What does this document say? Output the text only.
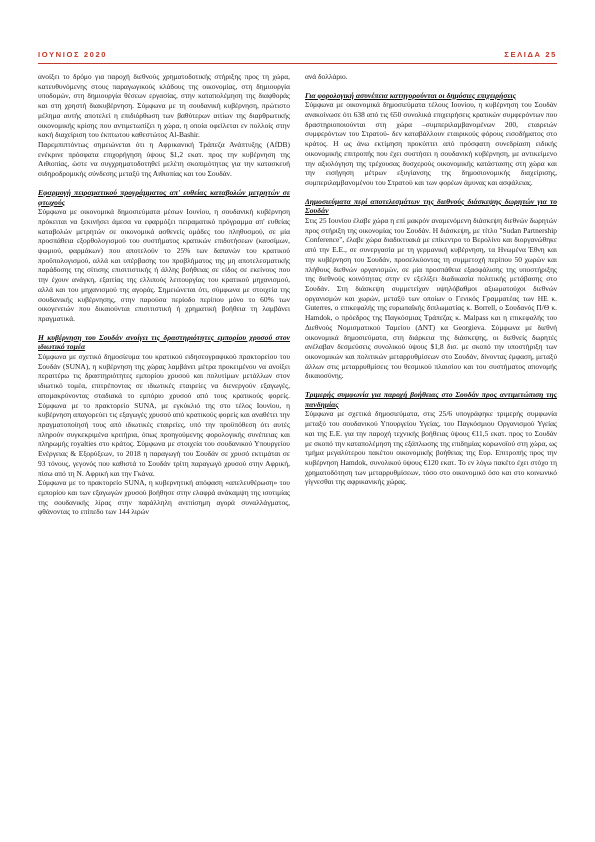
ΙΟΥΝΙΟΣ 2020	ΣΕΛΙΔΑ 25

ανοίξει το δρόμο για παροχή διεθνούς χρηματοδοτικής στήριξης προς τη χώρα, κατευθυνόμενης στους παραγωγικούς κλάδους της οικονομίας, στη δημιουργία υποδομών, στη δημιουργία θέσεων εργασίας, στην καταπολέμηση της διαφθοράς και στη χρηστή διακυβέρνηση. Σύμφωνα με τη σουδανική κυβέρνηση, πρώτιστο μέλημα αυτής αποτελεί η επιδιόρθωση των βαθύτερων αιτίων της διαρθρωτικής οικονομικής κρίσης που αντιμετωπίζει η χώρα, η οποία οφείλεται εν πολλοίς στην κακή διαχείριση του έκπτωτου καθεστώτος Al-Bashir.

Παρεμπιπτόντως σημειώνεται ότι η Αφρικανική Τράπεζα Ανάπτυξης (AfDB) ενέκρινε πρόσφατα επιχορήγηση ύψους $1,2 εκατ. προς την κυβέρνηση της Αιθιοπίας, ώστε να συγχρηματοδοτηθεί μελέτη σκοπιμότητας για την κατασκευή σιδηροδρομικής σύνδεσης μεταξύ της Αιθιοπίας και του Σουδάν.

Εφαρμογή πειραματικού προγράμματος απ' ευθείας καταβολών μετρητών σε φτωχούς

Σύμφωνα με οικονομικά δημοσιεύματα μέσων Ιουνίου, η σουδανική κυβέρνηση πρόκειται να ξεκινήσει άμεσα να εφαρμόζει πειραματικό πρόγραμμα απ' ευθείας καταβολών μετρητών σε οικονομικά ασθενείς ομάδες του πληθυσμού, σε μία προσπάθεια εξορθολογισμού του συστήματος κρατικών επιδοτήσεων (καυσίμων, ψωμιού, φαρμάκων) που αποτελούν το 25% των δαπανών του κρατικού προϋπολογισμού, αλλά και υπέρβασης του προβλήματος της μη αποτελεσματικής παράδοσης της σίτισης επισιτιστικής ή άλλης βοήθειας σε είδος σε εκείνους που την έχουν ανάγκη, εξαιτίας της ελλιπούς λειτουργίας του κρατικού μηχανισμού, αλλά και του μηχανισμού της αγοράς. Σημειώνεται ότι, σύμφωνα με στοιχεία της σουδανικής κυβέρνησης, στην παρούσα περίοδο περίπου μόνο το 60% των οικογενειών που δικαιούνται επισιτιστική ή χρηματική βοήθεια τη λαμβάνει πραγματικά.

Η κυβέρνηση του Σουδάν ανοίγει τις δραστηριότητες εμπορίου χρυσού στον ιδιωτικό τομέα

Σύμφωνα με σχετικό δημοσίευμα του κρατικού ειδησεογραφικού πρακτορείου του Σουδάν (SUNA), η κυβέρνηση της χώρας λαμβάνει μέτρα προκειμένου να ανοίξει περαιτέρω τις δραστηριότητες εμπορίου χρυσού και πολυτίμων μετάλλων στον ιδιωτικό τομέα, επιτρέποντας σε ιδιωτικές εταιρείες να διενεργούν εξαγωγές, απομακρύνοντας σταδιακά το εμπόριο χρυσού από τους κρατικούς φορείς. Σύμφωνα με το πρακτορείο SUNA, με εγκύκλιό της στο τέλος Ιουνίου, η κυβέρνηση απαγορεύει τις εξαγωγές χρυσού από κρατικούς φορείς και αναθέτει την πραγματοποίησή τους από ιδιωτικές εταιρείες, υπό την προϋπόθεση ότι αυτές πληρούν συγκεκριμένα κριτήρια, όπως προηγούμενης φορολογικής συνέπειας και πληρωμής royalties στο κράτος. Σύμφωνα με στοιχεία του σουδανικού Υπουργείου Ενέργειας & Εξορύξεων, το 2018 η παραγωγή του Σουδάν σε χρυσό εκτιμάται σε 93 τόνους, γεγονός που καθιστά το Σουδάν τρίτη παραγωγό χρυσού στην Αφρική, πίσω από τη Ν. Αφρική και την Γκάνα.

Σύμφωνα με το πρακτορείο SUNA, η κυβερνητική απόφαση «απελευθέρωση» του εμπορίου και των εξαγωγών χρυσού βοήθησε στην ελαφρά ανάκαμψη της ισοτιμίας της σουδανικής λίρας στην παράλληλη ανεπίσημη αγορά συναλλάγματος, φθάνοντας το επίπεδο των 144 λιρών

ανά δολλάριο.

Για φορολογική ασυνέπεια κατηγορούνται οι δημόσιες επιχειρήσεις

Σύμφωνα με οικονομικά δημοσιεύματα τέλους Ιουνίου, η κυβέρνηση του Σουδάν ανακοίνωσε ότι 638 από τις 650 συνολικά επιχειρήσεις κρατικών συμφερόντων που δραστηριοποιούνται στη χώρα –συμπεριλαμβανομένων 200, εταιρειών συμφερόντων του Στρατού- δεν καταβάλλουν εταιρικούς φόρους εισοδήματος στο κράτος. Η ως άνω εκτίμηση προκύπτει από πρόσφατη συνεδρίαση ειδικής οικονομικής επιτροπής που έχει συστήσει η σουδανική κυβέρνηση, με αντικείμενο την αξιολόγηση της τρέχουσας δυσχερούς οικονομικής κατάστασης στη χώρα και την εισήγηση μέτρων εξυγίανσης της δημοσιονομικής διαχείρισης, συμπεριλαμβανομένου του Στρατού και των φορέων άμυνας και ασφάλειας.

Δημοσιεύματα περί αποτελεσμάτων της διεθνούς διάσκεψης δωρητών για το Σουδάν

Στις 25 Ιουνίου έλαβε χώρα η επί μακρόν αναμενόμενη διάσκεψη διεθνών δωρητών προς στήριξη της οικονομίας του Σουδάν. Η διάσκεψη, με τίτλο "Sudan Partnership Conference", έλαβε χώρα διαδικτυακά με επίκεντρο το Βερολίνο και διοργανώθηκε από την Ε.Ε., σε συνεργασία με τη γερμανική κυβέρνηση, τα Ηνωμένα Έθνη και την κυβέρνηση του Σουδάν, προσελκύοντας τη συμμετοχή περίπου 50 χωρών και πλήθους διεθνών οργανισμών, σε μία προσπάθεια εξασφάλισης της υποστήριξης της διεθνούς κοινότητας στην εν εξελίξει διαδικασία πολιτικής μετάβασης στο Σουδάν. Στη διάσκεψη συμμετείχαν υψηλόβαθμοι αξιωματούχοι διεθνών οργανισμών και χωρών, μεταξύ των οποίων ο Γενικός Γραμματέας των ΗΕ κ. Guterres, ο επικεφαλής της ευρωπαϊκής διπλωματίας κ. Borrell, ο Σουδανός Π/Θ κ. Hamdok, ο πρόεδρος της Παγκόσμιας Τράπεζας κ. Malpass και η επικεφαλής του Διεθνούς Νομισματικού Ταμείου (ΔΝΤ) κα Georgieva. Σύμφωνα με διεθνή οικονομικά δημοσιεύματα, στη διάρκεια της διάσκεψης, οι διεθνείς δωρητές ανέλαβαν δεσμεύσεις συνολικού ύψους $1,8 δισ. με σκοπό την υποστήριξη των οικονομικών και πολιτικών μεταρρυθμίσεων στο Σουδάν, δίνοντας έμφαση, μεταξύ άλλων στις μεταρρυθμίσεις του θεσμικού πλαισίου και του συστήματος απονομής δικαιοσύνης.

Τριμερής συμφωνία για παροχή βοήθειας στο Σουδάν προς αντιμετώπιση της πανδημίας

Σύμφωνα με σχετικά δημοσιεύματα, στις 25/6 υπογράφηκε τριμερής συμφωνία μεταξύ του σουδανικού Υπουργείου Υγείας, του Παγκόσμιου Οργανισμού Υγείας και της Ε.Ε. για την παροχή τεχνικής βοήθειας ύψους €11,5 εκατ. προς το Σουδάν με σκοπό την καταπολέμηση της εξάπλωσης της επιδημίας κορωνοϊού στη χώρα, ως τμήμα μεγαλύτερου πακέτου οικονομικής βοήθειας της Ευρ. Επιτροπής προς την κυβέρνηση Hamdok, συνολικού ύψους €120 εκατ. Το εν λόγω πακέτο έχει στόχο τη χρηματοδότηση των μεταρρυθμίσεων, τόσο στο οικονομικό όσο και στο κοινωνικό γίγνεσθαι της αφρικανικής χώρας.
